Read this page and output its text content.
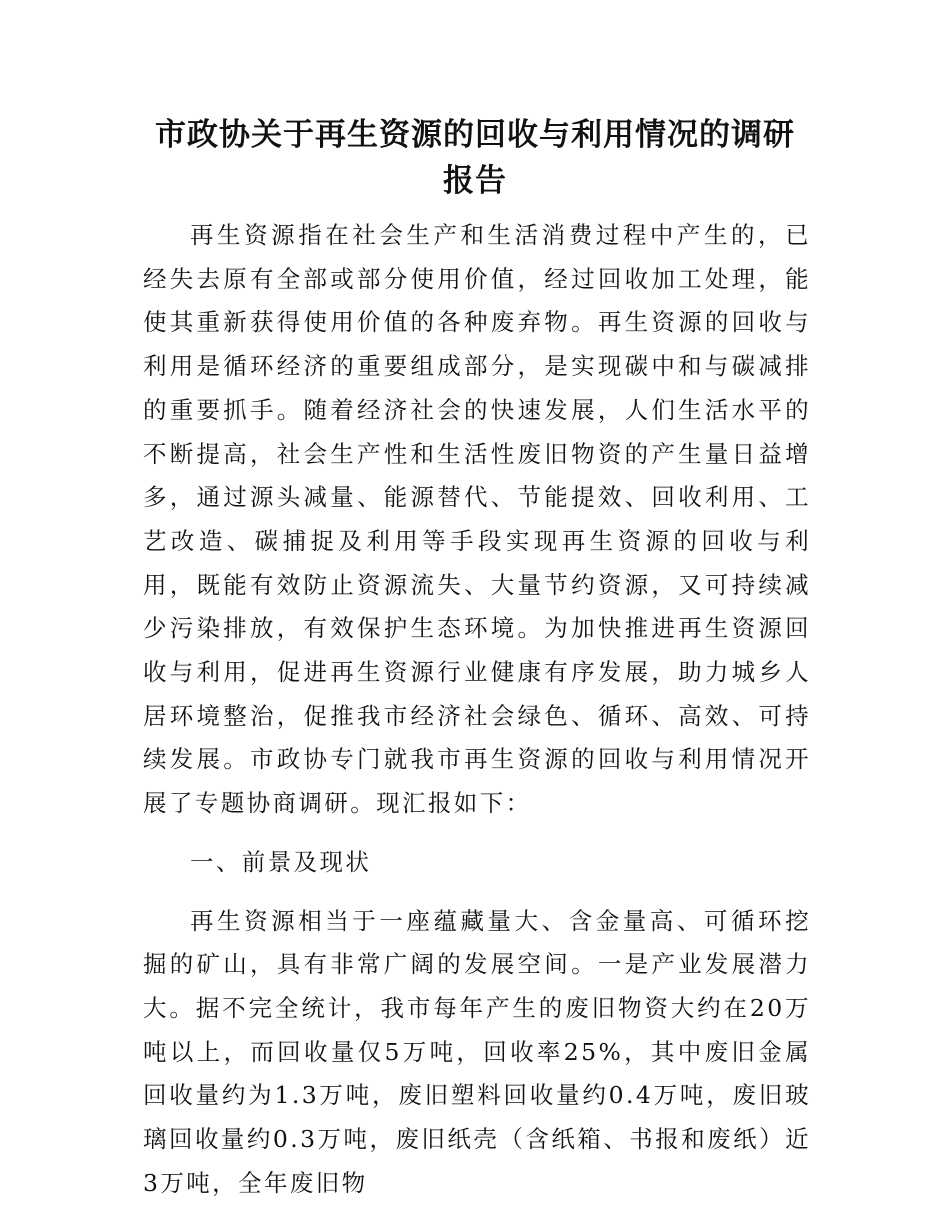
市政协关于再生资源的回收与利用情况的调研报告

再生资源指在社会生产和生活消费过程中产生的，已经失去原有全部或部分使用价值，经过回收加工处理，能使其重新获得使用价值的各种废弃物。再生资源的回收与利用是循环经济的重要组成部分，是实现碳中和与碳减排的重要抓手。随着经济社会的快速发展，人们生活水平的不断提高，社会生产性和生活性废旧物资的产生量日益增多，通过源头减量、能源替代、节能提效、回收利用、工艺改造、碳捕捉及利用等手段实现再生资源的回收与利用，既能有效防止资源流失、大量节约资源，又可持续减少污染排放，有效保护生态环境。为加快推进再生资源回收与利用，促进再生资源行业健康有序发展，助力城乡人居环境整治，促推我市经济社会绿色、循环、高效、可持续发展。市政协专门就我市再生资源的回收与利用情况开展了专题协商调研。现汇报如下：

一、前景及现状

再生资源相当于一座蕴藏量大、含金量高、可循环挖掘的矿山，具有非常广阔的发展空间。一是产业发展潜力大。据不完全统计，我市每年产生的废旧物资大约在20万吨以上，而回收量仅5万吨，回收率25%，其中废旧金属回收量约为1.3万吨，废旧塑料回收量约0.4万吨，废旧玻璃回收量约0.3万吨，废旧纸壳（含纸箱、书报和废纸）近3万吨，全年废旧物
